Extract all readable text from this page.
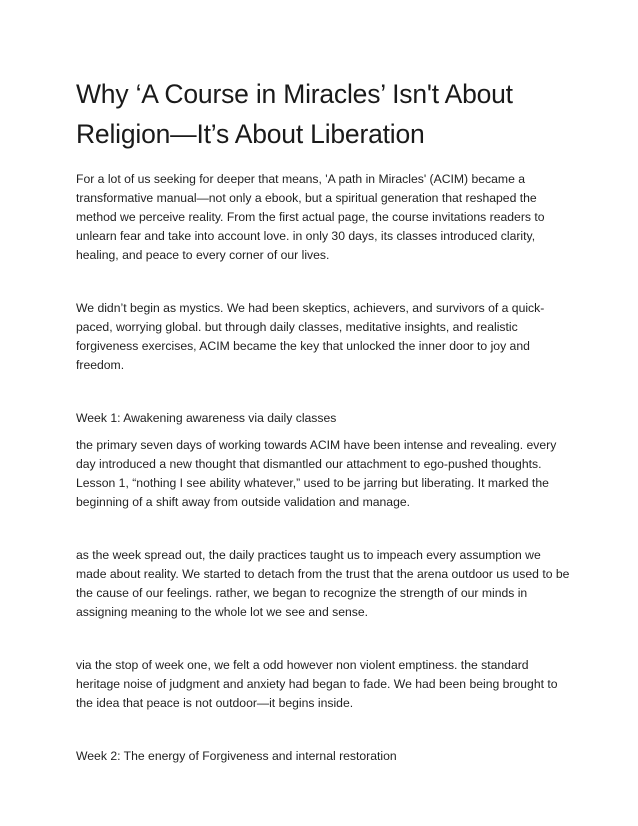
Why ‘A Course in Miracles’ Isn't About Religion—It’s About Liberation

For a lot of us seeking for deeper that means, 'A path in Miracles' (ACIM) became a transformative manual—not only a ebook, but a spiritual generation that reshaped the method we perceive reality. From the first actual page, the course invitations readers to unlearn fear and take into account love. in only 30 days, its classes introduced clarity, healing, and peace to every corner of our lives.

We didn’t begin as mystics. We had been skeptics, achievers, and survivors of a quick-paced, worrying global. but through daily classes, meditative insights, and realistic forgiveness exercises, ACIM became the key that unlocked the inner door to joy and freedom.

Week 1: Awakening awareness via daily classes

the primary seven days of working towards ACIM have been intense and revealing. every day introduced a new thought that dismantled our attachment to ego-pushed thoughts. Lesson 1, “nothing I see ability whatever,” used to be jarring but liberating. It marked the beginning of a shift away from outside validation and manage.

as the week spread out, the daily practices taught us to impeach every assumption we made about reality. We started to detach from the trust that the arena outdoor us used to be the cause of our feelings. rather, we began to recognize the strength of our minds in assigning meaning to the whole lot we see and sense.

via the stop of week one, we felt a odd however non violent emptiness. the standard heritage noise of judgment and anxiety had began to fade. We had been being brought to the idea that peace is not outdoor—it begins inside.

Week 2: The energy of Forgiveness and internal restoration
